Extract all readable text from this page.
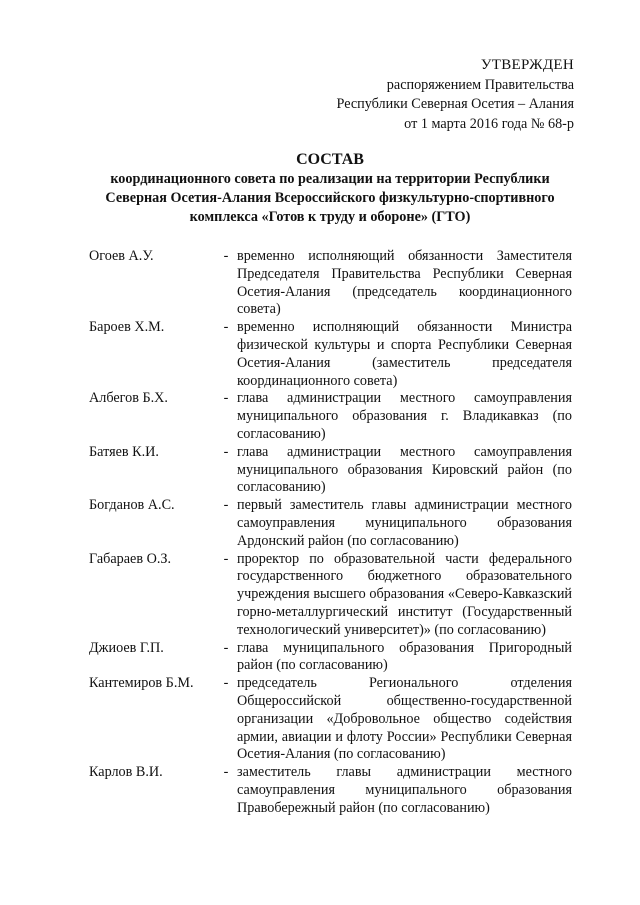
УТВЕРЖДЕН
распоряжением Правительства
Республики Северная Осетия – Алания
от 1 марта 2016 года № 68-р
СОСТАВ
координационного совета по реализации на территории Республики Северная Осетия-Алания Всероссийского физкультурно-спортивного комплекса «Готов к труду и обороне» (ГТО)
Огоев А.У.	- временно исполняющий обязанности Заместителя Председателя Правительства Республики Северная Осетия-Алания (председатель координационного совета)
Бароев Х.М.	- временно исполняющий обязанности Министра физической культуры и спорта Республики Северная Осетия-Алания (заместитель председателя координационного совета)
Албегов Б.Х.	- глава администрации местного самоуправления муниципального образования г. Владикавказ (по согласованию)
Батяев К.И.	- глава администрации местного самоуправления муниципального образования Кировский район (по согласованию)
Богданов А.С.	- первый заместитель главы администрации местного самоуправления муниципального образования Ардонский район (по согласованию)
Габараев О.З.	- проректор по образовательной части федерального государственного бюджетного образовательного учреждения высшего образования «Северо-Кавказский горно-металлургический институт (Государственный технологический университет)» (по согласованию)
Джиоев Г.П.	- глава муниципального образования Пригородный район (по согласованию)
Кантемиров Б.М.	- председатель Регионального отделения Общероссийской общественно-государственной организации «Добровольное общество содействия армии, авиации и флоту России» Республики Северная Осетия-Алания (по согласованию)
Карлов В.И.	- заместитель главы администрации местного самоуправления муниципального образования Правобережный район (по согласованию)
